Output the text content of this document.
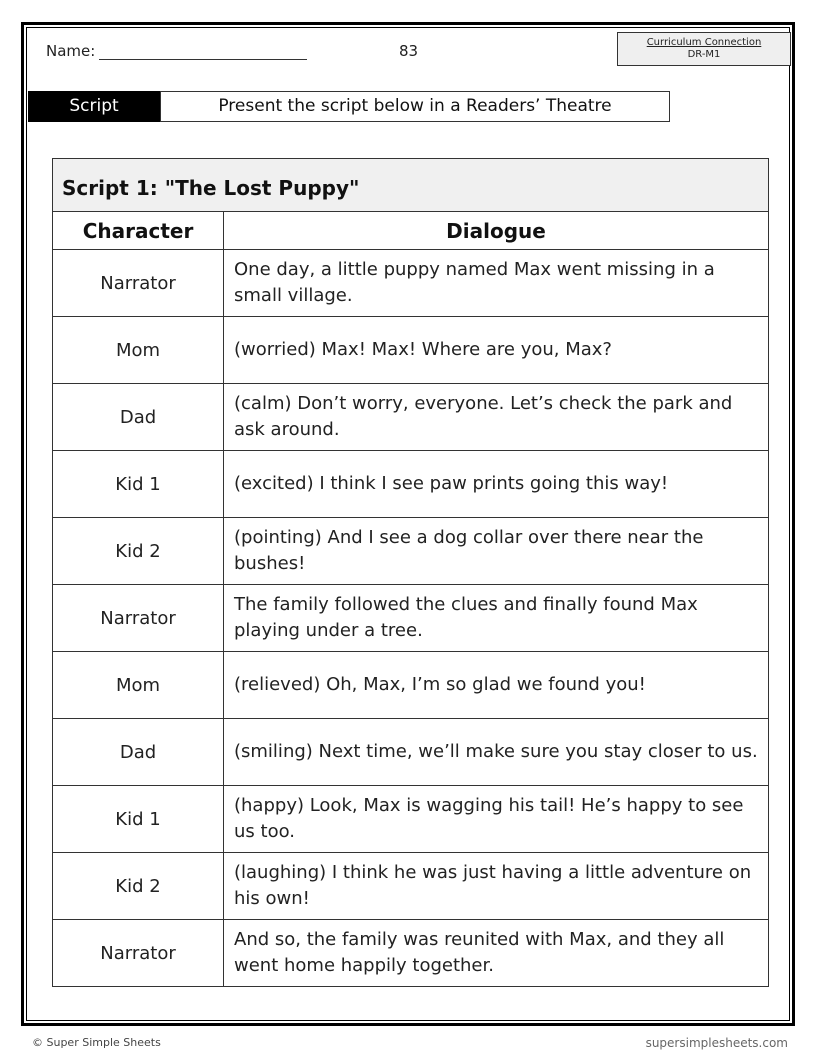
Name:	83	Curriculum Connection
DR-M1
Script	Present the script below in a Readers’ Theatre
Script 1: "The Lost Puppy"	
Character	Dialogue
Narrator	One day, a little puppy named Max went missing in a small village.
Mom	(worried) Max! Max! Where are you, Max?
Dad	(calm) Don’t worry, everyone. Let’s check the park and ask around.
Kid 1	(excited) I think I see paw prints going this way!
Kid 2	(pointing) And I see a dog collar over there near the bushes!
Narrator	The family followed the clues and finally found Max playing under a tree.
Mom	(relieved) Oh, Max, I’m so glad we found you!
Dad	(smiling) Next time, we’ll make sure you stay closer to us.
Kid 1	(happy) Look, Max is wagging his tail! He’s happy to see us too.
Kid 2	(laughing) I think he was just having a little adventure on his own!
Narrator	And so, the family was reunited with Max, and they all went home happily together.
© Super Simple Sheets	supersimplesheets.com
